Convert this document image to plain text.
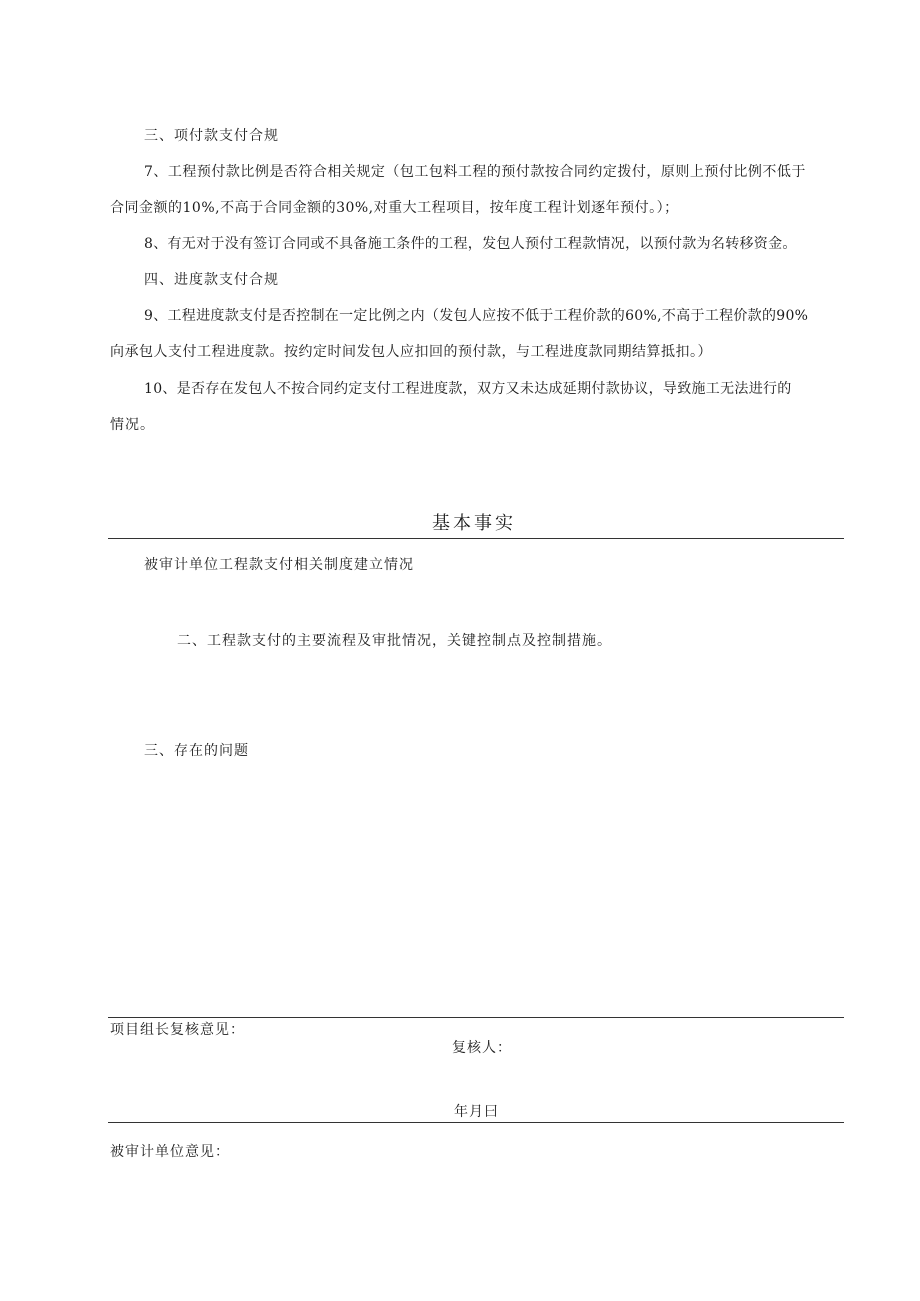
三、项付款支付合规
7、工程预付款比例是否符合相关规定（包工包料工程的预付款按合同约定拨付，原则上预付比例不低于
合同金额的10%,不高于合同金额的30%,对重大工程项目，按年度工程计划逐年预付。）；
8、有无对于没有签订合同或不具备施工条件的工程，发包人预付工程款情况，以预付款为名转移资金。
四、进度款支付合规
9、工程进度款支付是否控制在一定比例之内（发包人应按不低于工程价款的60%,不高于工程价款的90%
向承包人支付工程进度款。按约定时间发包人应扣回的预付款，与工程进度款同期结算抵扣。）
10、是否存在发包人不按合同约定支付工程进度款，双方又未达成延期付款协议，导致施工无法进行的
情况。
基本事实
被审计单位工程款支付相关制度建立情况
二、工程款支付的主要流程及审批情况，关键控制点及控制措施。
三、存在的问题
项目组长复核意见：
复核人：
年月曰
被审计单位意见：
